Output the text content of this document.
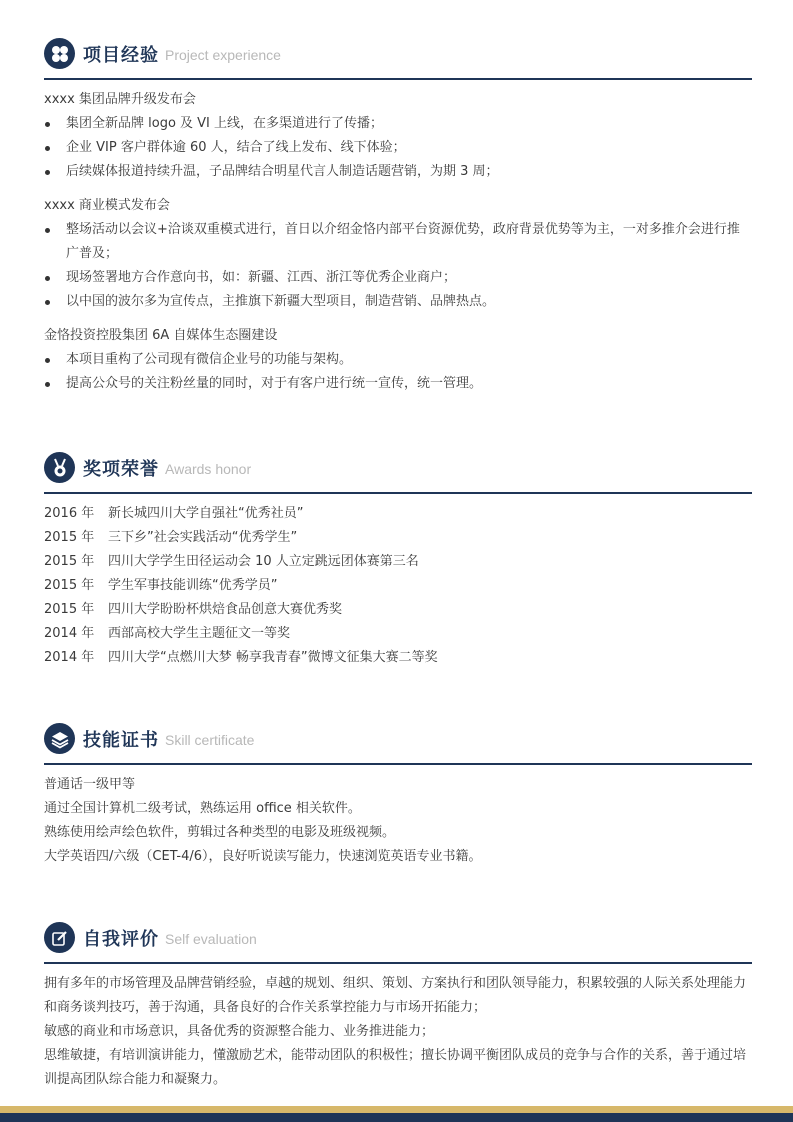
项目经验 Project experience

xxxx 集团品牌升级发布会

集团全新品牌 logo 及 VI 上线，在多渠道进行了传播；
企业 VIP 客户群体逾 60 人，结合了线上发布、线下体验；
后续媒体报道持续升温，子品牌结合明星代言人制造话题营销，为期 3 周；

xxxx 商业模式发布会

整场活动以会议+洽谈双重模式进行，首日以介绍金恪内部平台资源优势，政府背景优势等为主，一对多推介会进行推广普及；
现场签署地方合作意向书，如：新疆、江西、浙江等优秀企业商户；
以中国的波尔多为宣传点，主推旗下新疆大型项目，制造营销、品牌热点。

金恪投资控股集团 6A 自媒体生态圈建设

本项目重构了公司现有微信企业号的功能与架构。
提高公众号的关注粉丝量的同时，对于有客户进行统一宣传，统一管理。
奖项荣誉 Awards honor
2016 年	新长城四川大学自强社“优秀社员”
2015 年	三下乡”社会实践活动“优秀学生”
2015 年	四川大学学生田径运动会 10 人立定跳远团体赛第三名
2015 年	学生军事技能训练“优秀学员”
2015 年	四川大学盼盼杯烘焙食品创意大赛优秀奖
2014 年	西部高校大学生主题征文一等奖
2014 年	四川大学“点燃川大梦 畅享我青春”微博文征集大赛二等奖
技能证书 Skill certificate

普通话一级甲等

通过全国计算机二级考试，熟练运用 office 相关软件。

熟练使用绘声绘色软件，剪辑过各种类型的电影及班级视频。

大学英语四/六级（CET-4/6），良好听说读写能力，快速浏览英语专业书籍。

自我评价 Self evaluation

拥有多年的市场管理及品牌营销经验，卓越的规划、组织、策划、方案执行和团队领导能力，积累较强的人际关系处理能力和商务谈判技巧，善于沟通，具备良好的合作关系掌控能力与市场开拓能力；

敏感的商业和市场意识，具备优秀的资源整合能力、业务推进能力；

思维敏捷，有培训演讲能力，懂激励艺术，能带动团队的积极性；擅长协调平衡团队成员的竞争与合作的关系，善于通过培训提高团队综合能力和凝聚力。
